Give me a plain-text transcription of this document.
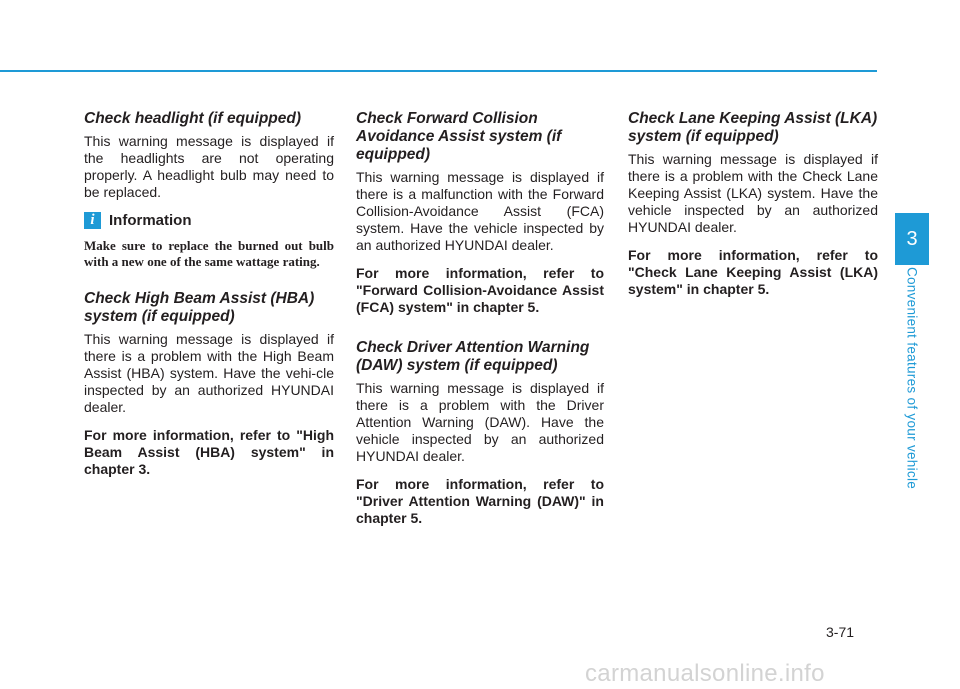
Check headlight (if equipped)

This warning message is displayed if the headlights are not operating properly. A headlight bulb may need to be replaced.

i Information
Make sure to replace the burned out bulb with a new one of the same wattage rating.
Check High Beam Assist (HBA) system (if equipped)

This warning message is displayed if there is a problem with the High Beam Assist (HBA) system. Have the vehi-cle inspected by an authorized HYUNDAI dealer.

For more information, refer to "High Beam Assist (HBA) system" in chapter 3.

Check Forward Collision Avoidance Assist system (if equipped)

This warning message is displayed if there is a malfunction with the Forward Collision-Avoidance Assist (FCA) system. Have the vehicle inspected by an authorized HYUNDAI dealer.

For more information, refer to "Forward Collision-Avoidance Assist (FCA) system" in chapter 5.

Check Driver Attention Warning (DAW) system (if equipped)

This warning message is displayed if there is a problem with the Driver Attention Warning (DAW). Have the vehicle inspected by an authorized HYUNDAI dealer.

For more information, refer to "Driver Attention Warning (DAW)" in chapter 5.

Check Lane Keeping Assist (LKA) system (if equipped)

This warning message is displayed if there is a problem with the Check Lane Keeping Assist (LKA) system. Have the vehicle inspected by an authorized HYUNDAI dealer.

For more information, refer to "Check Lane Keeping Assist (LKA) system" in chapter 5.

3
Convenient features of your vehicle
3-71
carmanualsonline.info
